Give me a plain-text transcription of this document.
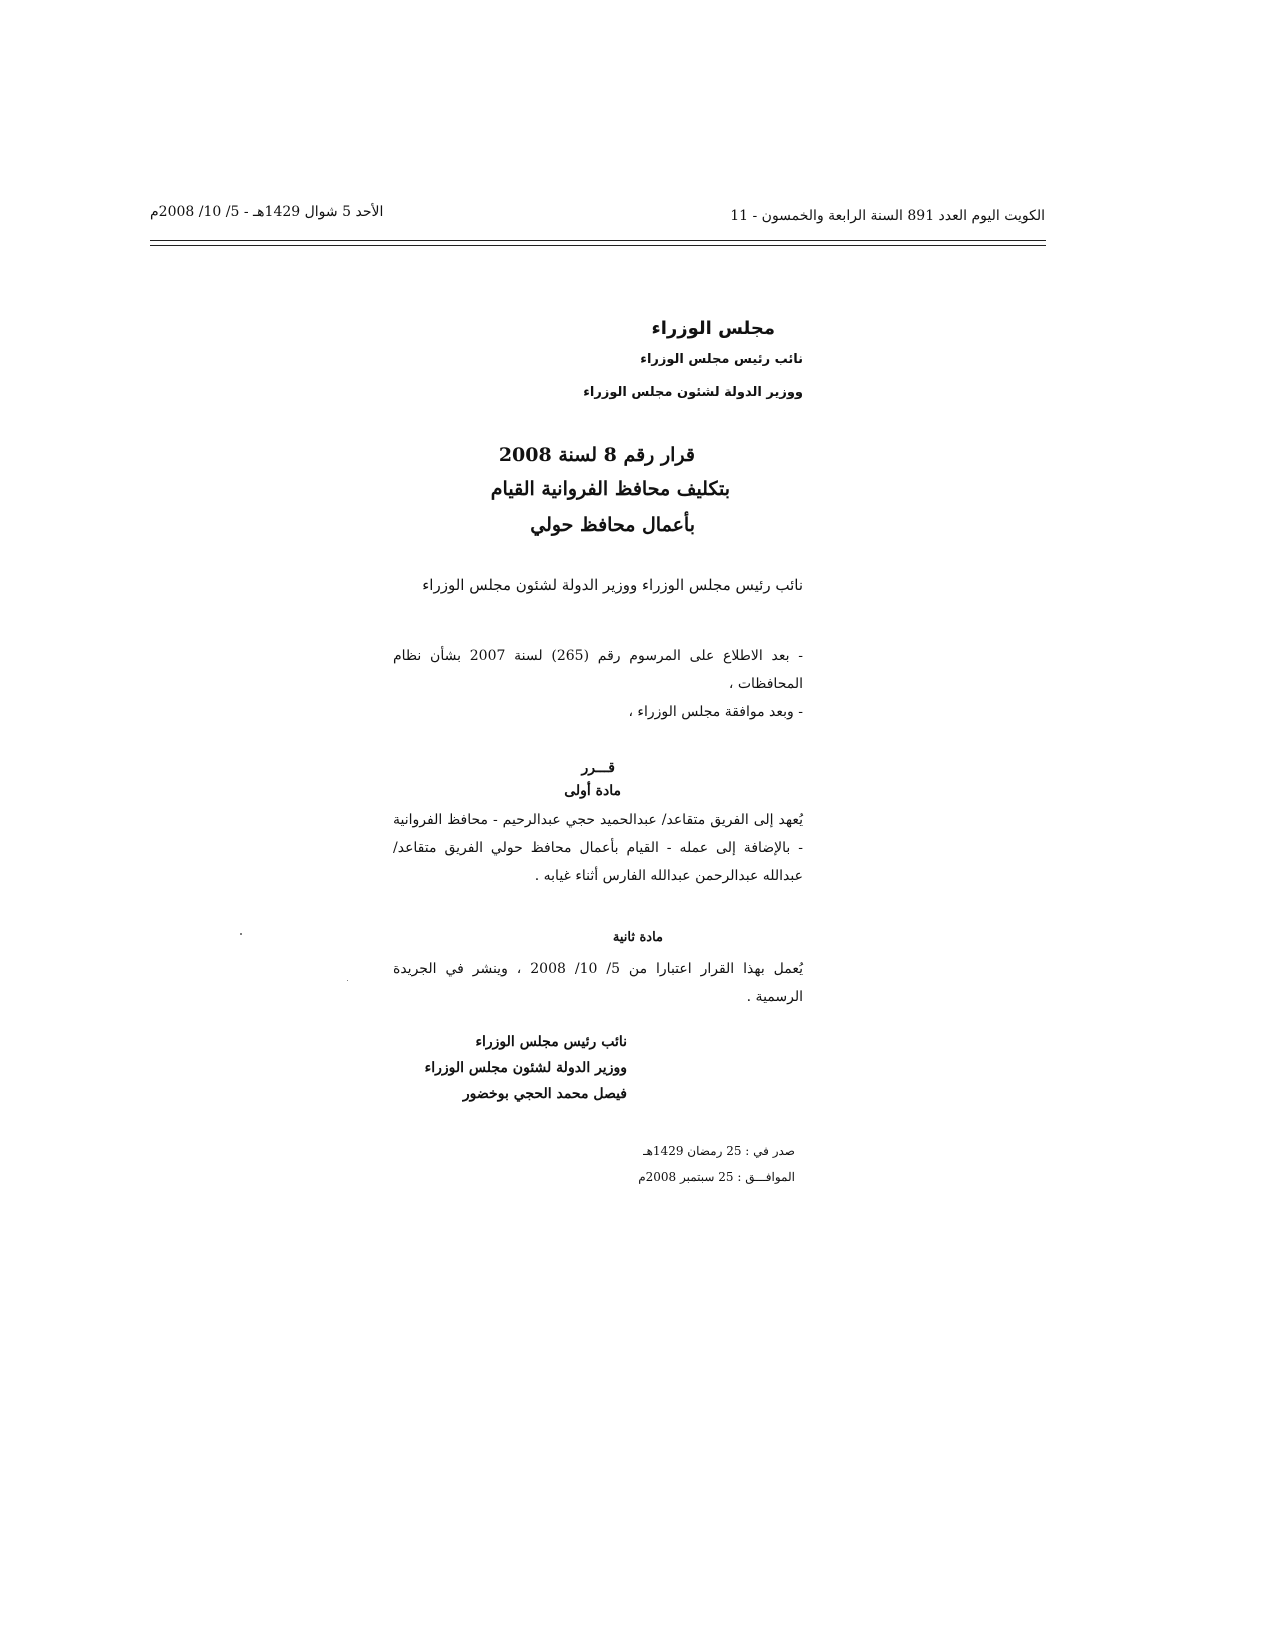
الكويت اليوم العدد 891 السنة الرابعة والخمسون - 11
الأحد 5 شوال 1429هـ - 5/ 10/ 2008م
مجلس الوزراء
نائب رئيس مجلس الوزراء
ووزير الدولة لشئون مجلس الوزراء
قرار رقم 8 لسنة 2008
بتكليف محافظ الفروانية القيام
بأعمال محافظ حولي
نائب رئيس مجلس الوزراء ووزير الدولة لشئون مجلس الوزراء
- بعد الاطلاع على المرسوم رقم (265) لسنة 2007 بشأن نظام المحافظات ،
- وبعد موافقة مجلس الوزراء ،
قـــرر
مادة أولى
يُعهد إلى الفريق متقاعد/ عبدالحميد حجي عبدالرحيم - محافظ الفروانية - بالإضافة إلى عمله - القيام بأعمال محافظ حولي الفريق متقاعد/ عبدالله عبدالرحمن عبدالله الفارس أثناء غيابه .
مادة ثانية
يُعمل بهذا القرار اعتبارا من 5/ 10/ 2008 ، وينشر في الجريدة الرسمية .
نائب رئيس مجلس الوزراء
ووزير الدولة لشئون مجلس الوزراء
فيصل محمد الحجي بوخضور
صدر في : 25 رمضان 1429هـ
الموافـــق : 25 سبتمبر 2008م
